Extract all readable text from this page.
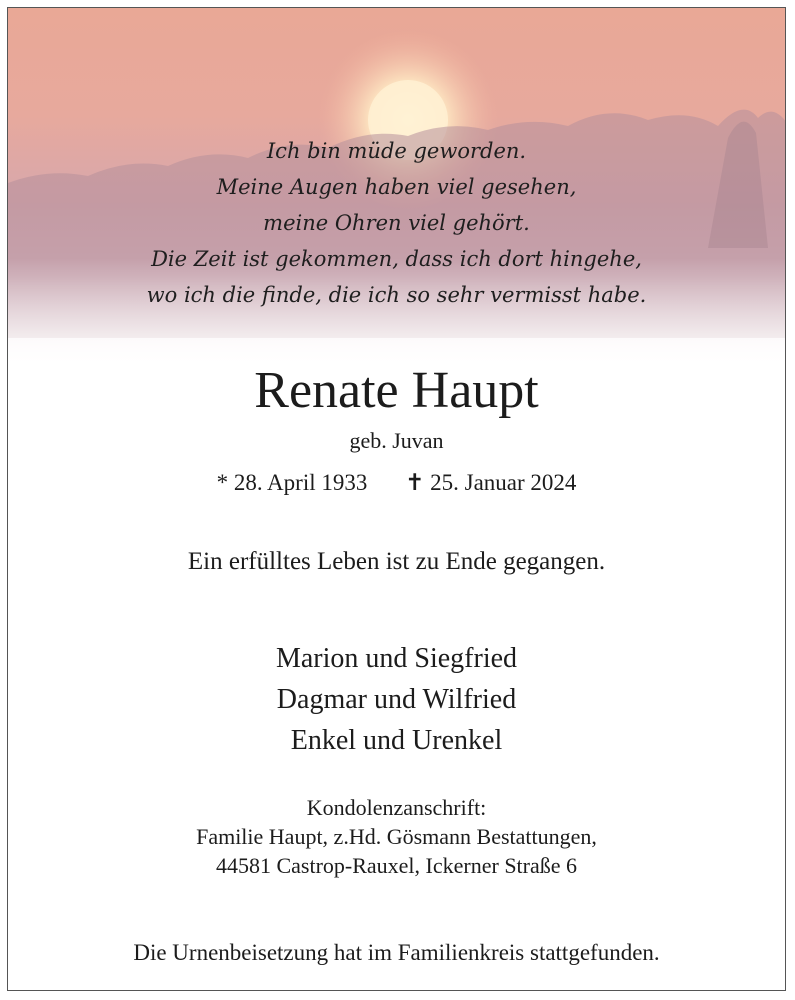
Ich bin müde geworden.
Meine Augen haben viel gesehen,
meine Ohren viel gehört.
Die Zeit ist gekommen, dass ich dort hingehe,
wo ich die finde, die ich so sehr vermisst habe.
Renate Haupt
geb. Juvan
* 28. April 1933 ✝ 25. Januar 2024
Ein erfülltes Leben ist zu Ende gegangen.
Marion und Siegfried
Dagmar und Wilfried
Enkel und Urenkel
Kondolenzanschrift:
Familie Haupt, z.Hd. Gösmann Bestattungen,
44581 Castrop-Rauxel, Ickerner Straße 6
Die Urnenbeisetzung hat im Familienkreis stattgefunden.
